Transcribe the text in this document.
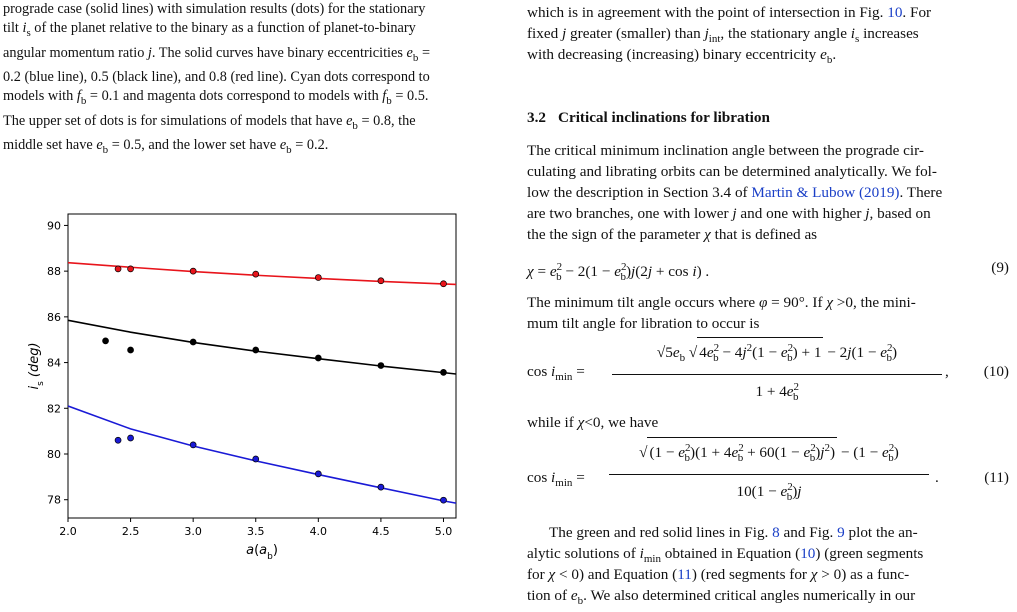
prograde case (solid lines) with simulation results (dots) for the stationary
tilt $i_s$ of the planet relative to the binary as a function of planet-to-binary
angular momentum ratio j. The solid curves have binary eccentricities $e_b$ =
0.2 (blue line), 0.5 (black line), and 0.8 (red line). Cyan dots correspond to
models with $f_b = 0.1$ and magenta dots correspond to models with $f_b = 0.5$.
The upper set of dots is for simulations of models that have $e_b = 0.8$, the
middle set have $e_b = 0.5$, and the lower set have $e_b = 0.2$.
2.0	2.5	3.0	3.5	4.0	4.5	5.0
78
80
82
84
86
88
90
$a(a_b)$
$i_s$ (deg)
which is in agreement with the point of intersection in Fig. 10. For
fixed j greater (smaller) than $j_{int}$, the stationary angle $i_s$ increases
with decreasing (increasing) binary eccentricity $e_b$.
3.2 Critical inclinations for libration
The critical minimum inclination angle between the prograde cir-
culating and librating orbits can be determined analytically. We fol-
low the description in Section 3.4 of Martin & Lubow (2019). There
are two branches, one with lower j and one with higher j, based on
the the sign of the parameter χ that is defined as
$\chi = e^2_b - 2(1 - e^2_b)j(2j + \cos i)$ .	(9)
The minimum tilt angle occurs where φ = 90°. If χ >0, the mini-
mum tilt angle for libration to occur is
$\cos i_{min}$ =
$√5e_b$ √ $4e^2_b - 4j^2(1 - e^2_b) + 1 - 2j(1 - e^2_b)$
$1 + 4e^2_b$
, (10)
while if χ<0, we have
$\cos i_{min}$ =
√ $(1 - e^2_b)(1 + 4e^2_b + 60(1 - e^2_b)j^2) - (1 - e^2_b)$
$10(1 - e^2_b)j$
.	(11)
The green and red solid lines in Fig. 8 and Fig. 9 plot the an-
alytic solutions of $i_{min}$ obtained in Equation (10) (green segments
for χ < 0) and Equation (11) (red segments for χ > 0) as a func-
tion of $e_b$. We also determined critical angles numerically in our
